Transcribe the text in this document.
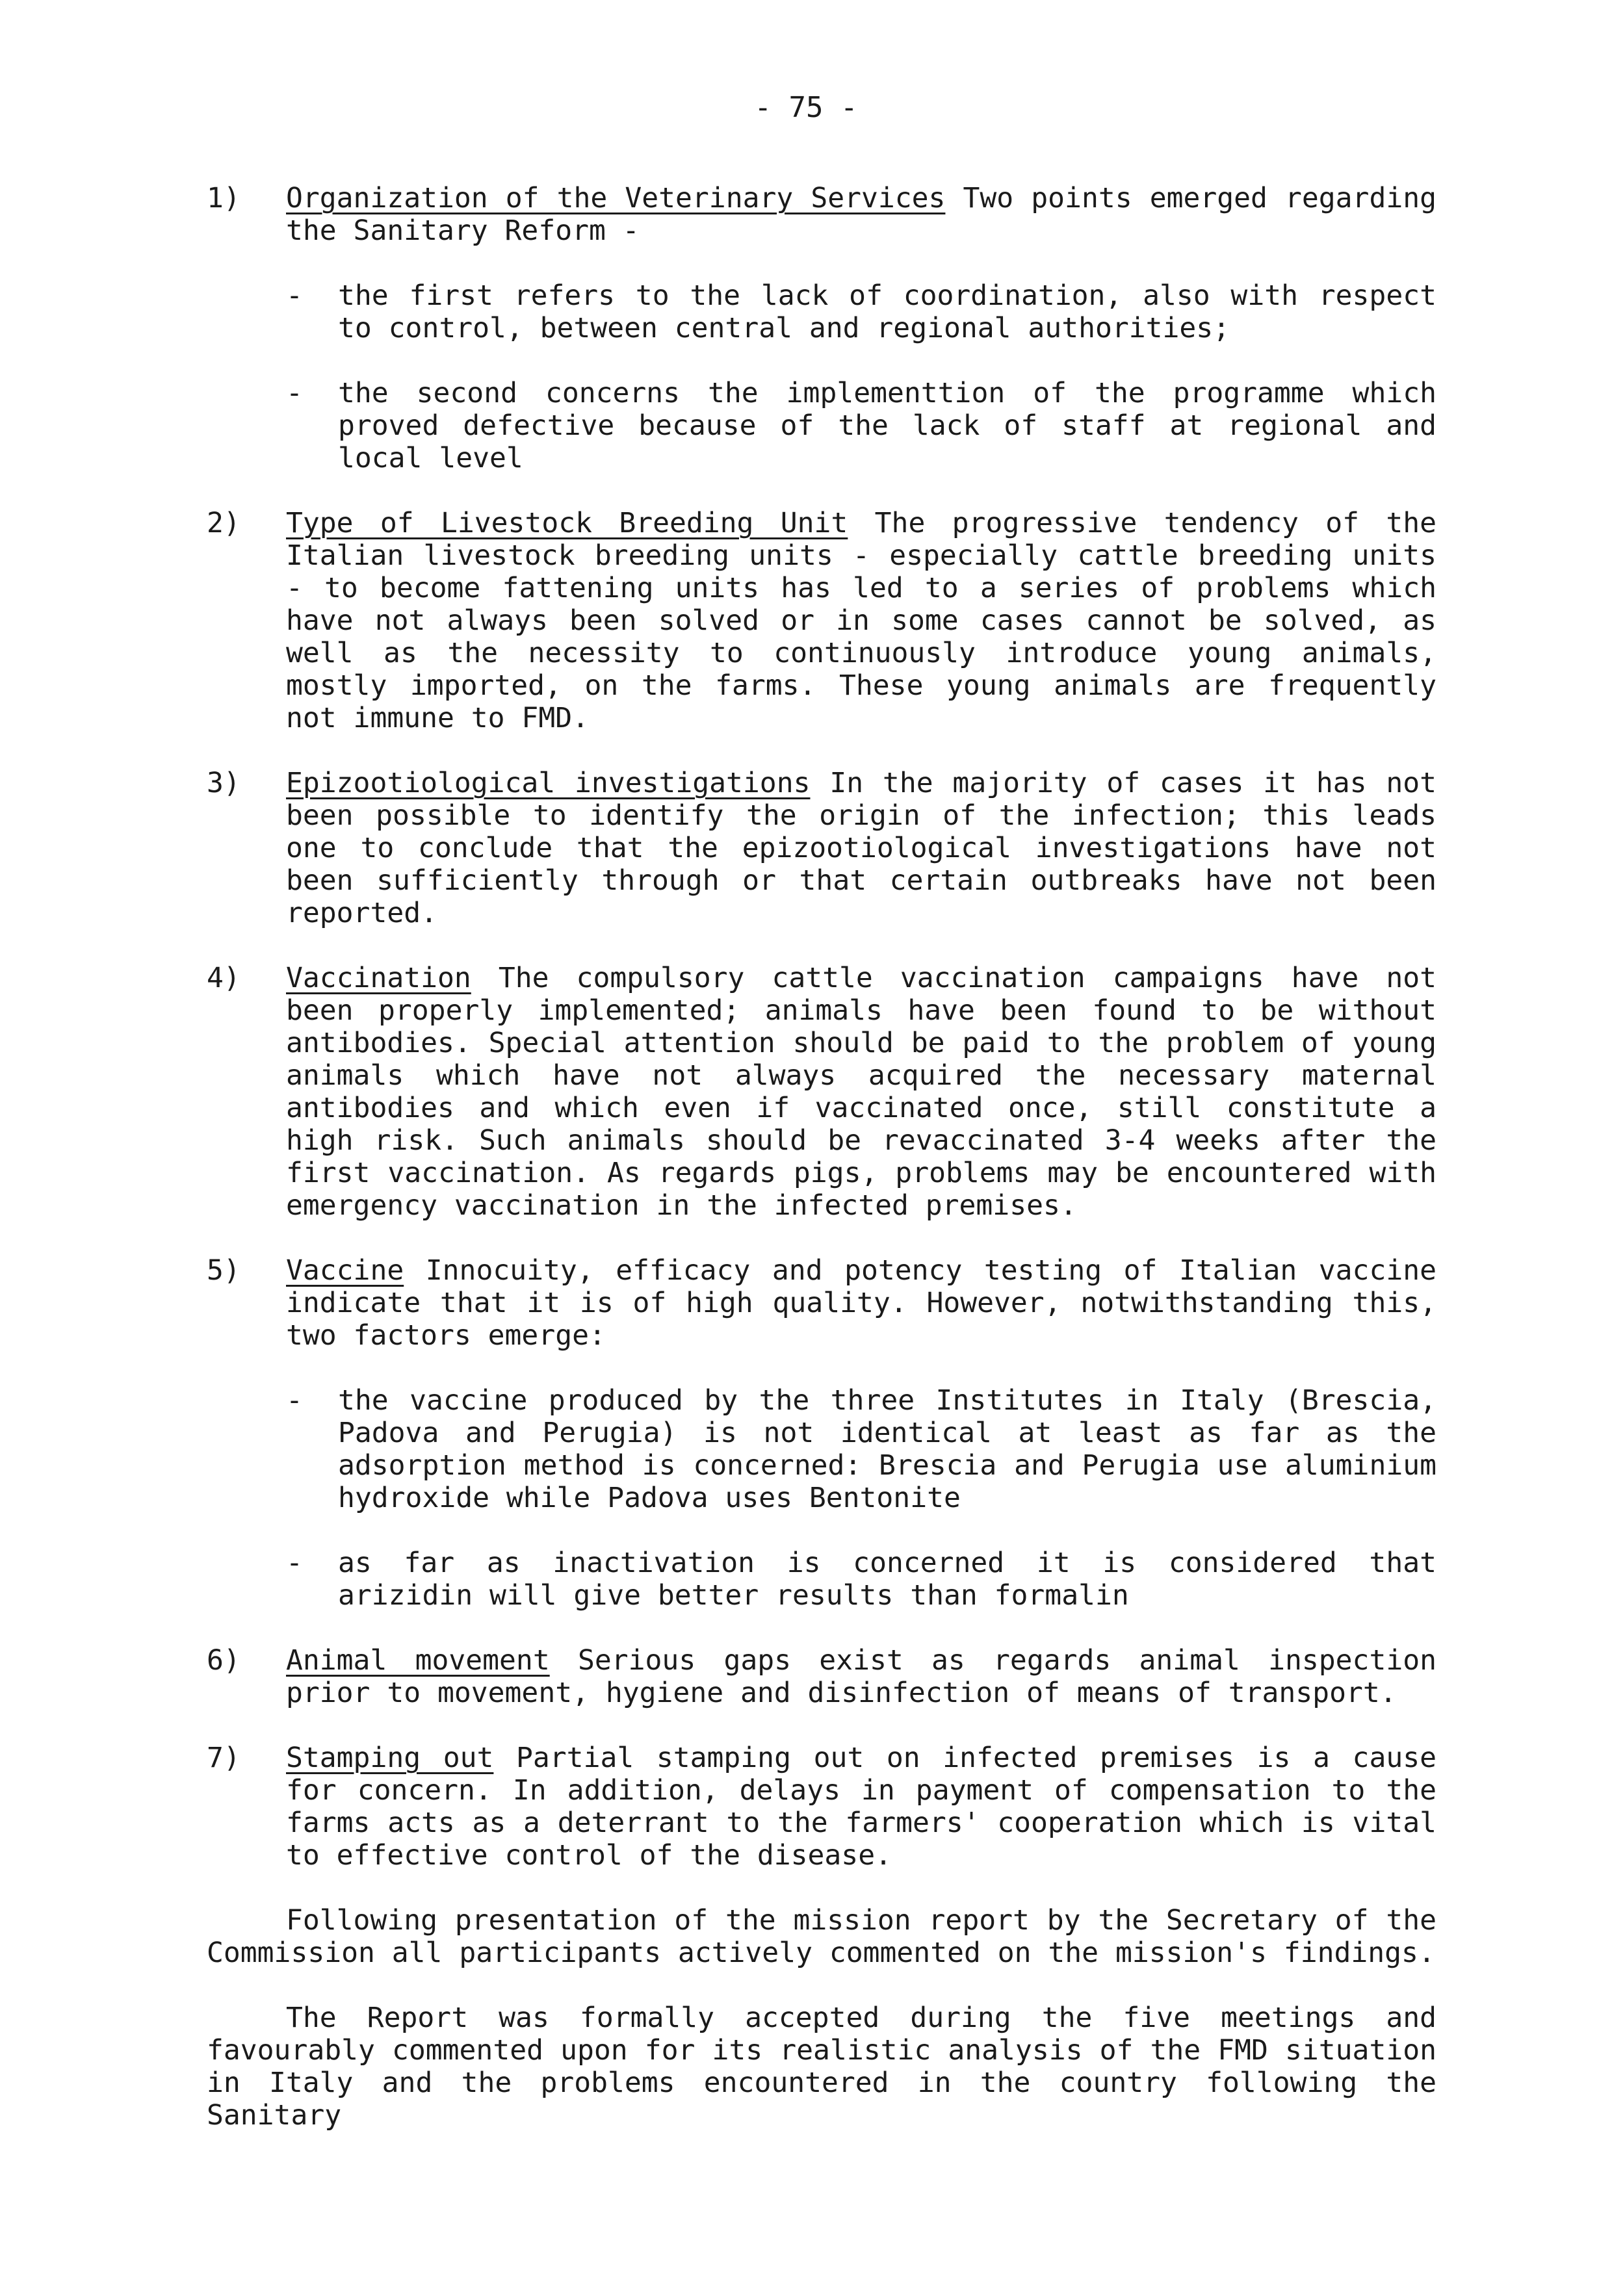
- 75 -
1) Organization of the Veterinary Services Two points emerged regarding the Sanitary Reform -
- the first refers to the lack of coordination, also with respect to control, between central and regional authorities;
- the second concerns the implementtion of the programme which proved defective because of the lack of staff at regional and local level
2) Type of Livestock Breeding Unit The progressive tendency of the Italian livestock breeding units - especially cattle breeding units - to become fattening units has led to a series of problems which have not always been solved or in some cases cannot be solved, as well as the necessity to continuously introduce young animals, mostly imported, on the farms. These young animals are frequently not immune to FMD.
3) Epizootiological investigations In the majority of cases it has not been possible to identify the origin of the infection; this leads one to conclude that the epizootiological investigations have not been sufficiently through or that certain outbreaks have not been reported.
4) Vaccination The compulsory cattle vaccination campaigns have not been properly implemented; animals have been found to be without antibodies. Special attention should be paid to the problem of young animals which have not always acquired the necessary maternal antibodies and which even if vaccinated once, still constitute a high risk. Such animals should be revaccinated 3-4 weeks after the first vaccination. As regards pigs, problems may be encountered with emergency vaccination in the infected premises.
5) Vaccine Innocuity, efficacy and potency testing of Italian vaccine indicate that it is of high quality. However, notwithstanding this, two factors emerge:
- the vaccine produced by the three Institutes in Italy (Brescia, Padova and Perugia) is not identical at least as far as the adsorption method is concerned: Brescia and Perugia use aluminium hydroxide while Padova uses Bentonite
- as far as inactivation is concerned it is considered that arizidin will give better results than formalin
6) Animal movement Serious gaps exist as regards animal inspection prior to movement, hygiene and disinfection of means of transport.
7) Stamping out Partial stamping out on infected premises is a cause for concern. In addition, delays in payment of compensation to the farms acts as a deterrant to the farmers' cooperation which is vital to effective control of the disease.

Following presentation of the mission report by the Secretary of the Commission all participants actively commented on the mission's findings.

The Report was formally accepted during the five meetings and favourably commented upon for its realistic analysis of the FMD situation in Italy and the problems encountered in the country following the Sanitary
